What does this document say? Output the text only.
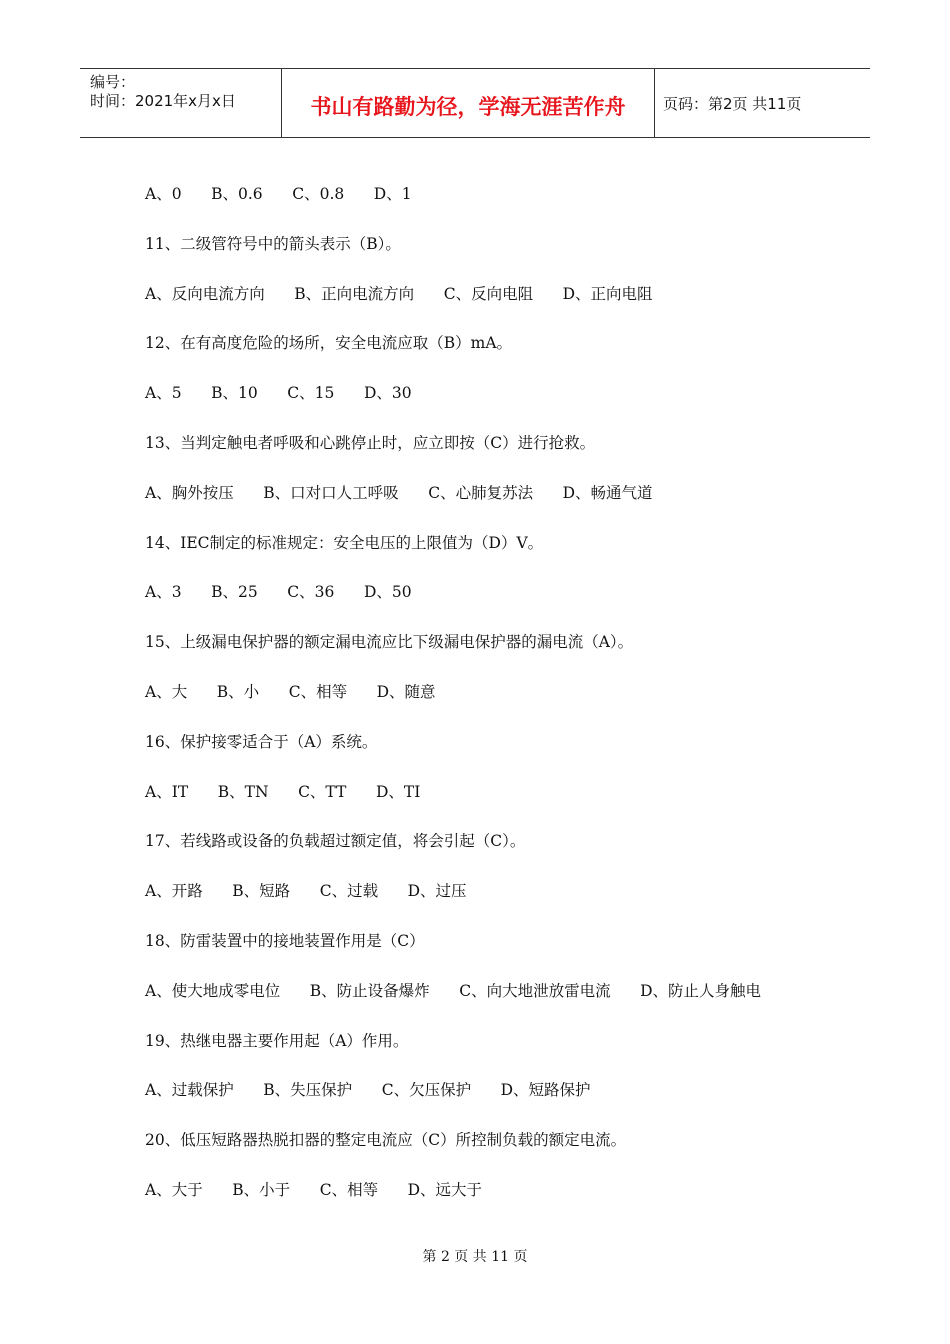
编号：
时间：2021年x月x日	书山有路勤为径，学海无涯苦作舟	页码：第2页 共11页
A、0      B、0.6      C、0.8      D、1
11、二级管符号中的箭头表示（B）。
A、反向电流方向      B、正向电流方向      C、反向电阻      D、正向电阻
12、在有高度危险的场所，安全电流应取（B）mA。
A、5      B、10      C、15      D、30
13、当判定触电者呼吸和心跳停止时，应立即按（C）进行抢救。
A、胸外按压      B、口对口人工呼吸      C、心肺复苏法      D、畅通气道
14、IEC制定的标准规定：安全电压的上限值为（D）V。
A、3      B、25      C、36      D、50
15、上级漏电保护器的额定漏电流应比下级漏电保护器的漏电流（A）。
A、大      B、小      C、相等      D、随意
16、保护接零适合于（A）系统。
A、IT      B、TN      C、TT      D、TI
17、若线路或设备的负载超过额定值，将会引起（C）。
A、开路      B、短路      C、过载      D、过压
18、防雷装置中的接地装置作用是（C）
A、使大地成零电位      B、防止设备爆炸      C、向大地泄放雷电流      D、防止人身触电
19、热继电器主要作用起（A）作用。
A、过载保护      B、失压保护      C、欠压保护      D、短路保护
20、低压短路器热脱扣器的整定电流应（C）所控制负载的额定电流。
A、大于      B、小于      C、相等      D、远大于
第 2 页 共 11 页
